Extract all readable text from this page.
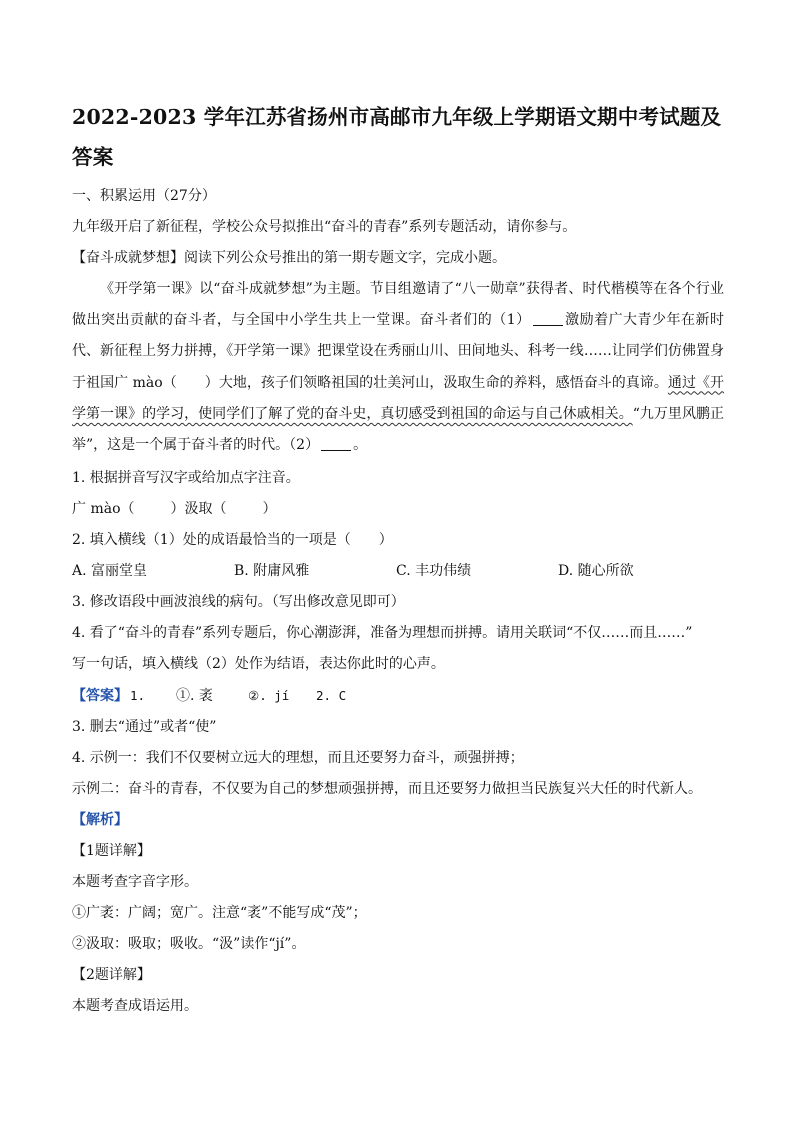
2022-2023 学年江苏省扬州市高邮市九年级上学期语文期中考试题及
答案
一、积累运用（27分）
九年级开启了新征程，学校公众号拟推出“奋斗的青春”系列专题活动，请你参与。
【奋斗成就梦想】阅读下列公众号推出的第一期专题文字，完成小题。
《开学第一课》以“奋斗成就梦想”为主题。节目组邀请了“八一勋章”获得者、时代楷模等在各个行业做出突出贡献的奋斗者，与全国中小学生共上一堂课。奋斗者们的（1） 激励着广大青少年在新时代、新征程上努力拼搏，《开学第一课》把课堂设在秀丽山川、田间地头、科考一线……让同学们仿佛置身于祖国广 mào（　　）大地，孩子们领略祖国的壮美河山，汲取生命的养料，感悟奋斗的真谛。通过《开学第一课》的学习，使同学们了解了党的奋斗史，真切感受到祖国的命运与自己休戚相关。“九万里风鹏正举”，这是一个属于奋斗者的时代。（2） 。
1. 根据拼音写汉字或给加点字注音。
广 mào（	）汲取（	）
2. 填入横线（1）处的成语最恰当的一项是（　　）
A. 富丽堂皇	B. 附庸风雅	C. 丰功伟绩	D. 随心所欲
3. 修改语段中画波浪线的病句。（写出修改意见即可）
4. 看了“奋斗的青春”系列专题后，你心潮澎湃，准备为理想而拼搏。请用关联词“不仅……而且……”
写一句话，填入横线（2）处作为结语，表达你此时的心声。
【答案】 1. ①. 袤	②. jí 2. C
3. 删去“通过”或者“使”
4. 示例一：我们不仅要树立远大的理想，而且还要努力奋斗，顽强拼搏；
示例二：奋斗的青春，不仅要为自己的梦想顽强拼搏，而且还要努力做担当民族复兴大任的时代新人。
【解析】
【1题详解】
本题考查字音字形。
①广袤：广阔；宽广。注意“袤”不能写成“茂”；
②汲取：吸取；吸收。“汲”读作“jí”。
【2题详解】
本题考查成语运用。
